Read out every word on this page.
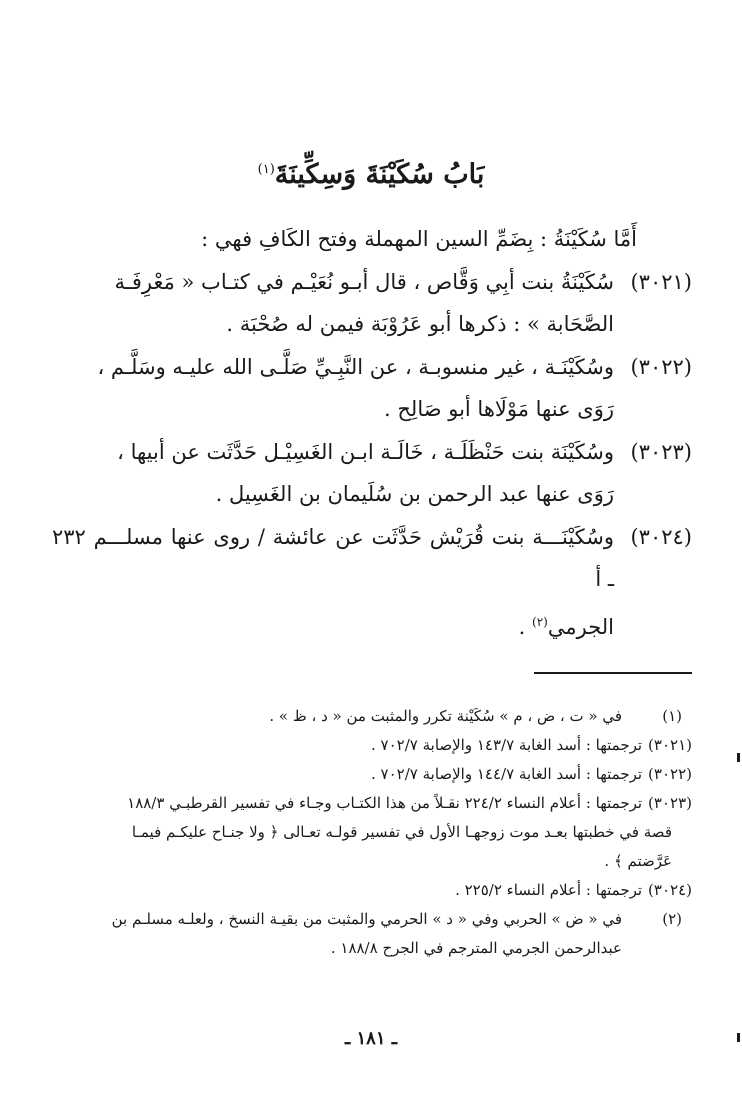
بَابُ سُكَيْنَةَ وَسِكِّينَةَ$^{(١)}$

أَمَّا سُكَيْنَةُ : بِضَمِّ السين المهملة وفتح الكَافِ فهي :

(٣٠٢١)
سُكَيْنَةُ بنت أبِي وَقَّاص ، قال أبـو نُعَيْـم في كتـاب « مَعْرِفَـة
الصَّحَابة » : ذكرها أبو عَرُوْبَة فيمن له صُحْبَة .
(٣٠٢٢)
وسُكَيْنَـة ، غير منسوبـة ، عن النَّبِـيِّ صَلَّـى الله عليـه وسَلَّـم ،
رَوَى عنها مَوْلَاها أبو صَالِح .
(٣٠٢٣)
وسُكَيْنَة بنت حَنْظَلَـة ، خَالَـة ابـن الغَسِيْـل حَدَّثَت عن أبيها ،
رَوَى عنها عبد الرحمن بن سُلَيمان بن الغَسِيل .
(٣٠٢٤)
وسُكَيْنَـــة بنت قُرَيْش حَدَّثَت عن عائشة / روى عنها مسلـــم ٢٣٢ ـ أ
الجرمي$^{(٢)}$ .
(١)
في « ت ، ض ، م » سُكَيْنة تكرر والمثبت من « د ، ظ » .
(٣٠٢١)
ترجمتها : أسد الغابة ١٤٣/٧ والإصابة ٧٠٢/٧ .
(٣٠٢٢)
ترجمتها : أسد الغابة ١٤٤/٧ والإصابة ٧٠٢/٧ .
(٣٠٢٣)
ترجمتها : أعلام النساء ٢٢٤/٢ نقـلاً من هذا الكتـاب وجـاء في تفسير القرطبـي ١٨٨/٣
قصة في خطبتها بعـد موت زوجهـا الأول في تفسير قولـه تعـالى ﴿ ولا جنـاح عليكـم فيمـا
عَرَّضتم ﴾ .
(٣٠٢٤)
ترجمتها : أعلام النساء ٢٢٥/٢ .
(٢)
في « ض » الحربي وفي « د » الحرمي والمثبت من بقيـة النسخ ، ولعلـه مسلـم بن
عبدالرحمن الجرمي المترجم في الجرح ١٨٨/٨ .
ـ ١٨١ ـ
